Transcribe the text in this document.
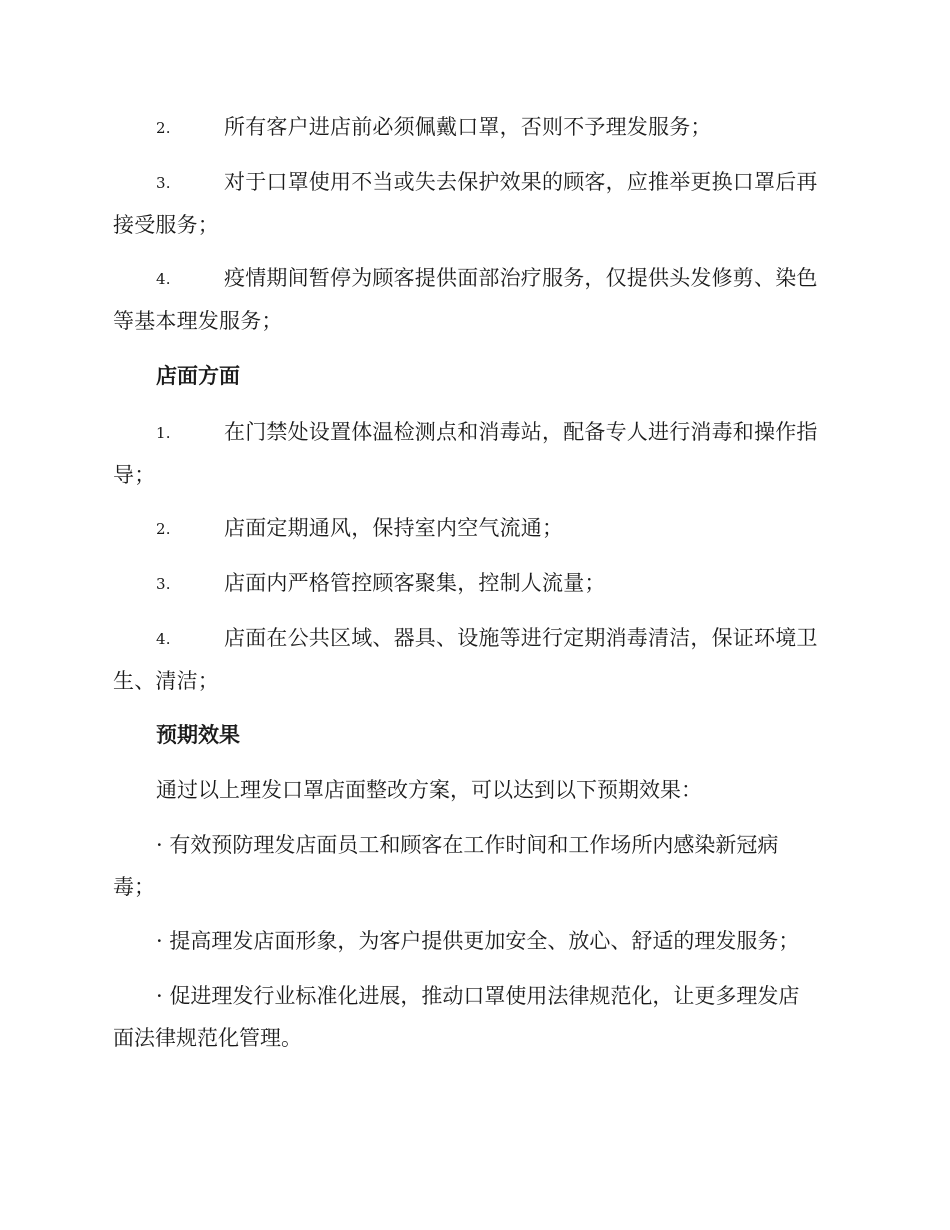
2.	所有客户进店前必须佩戴口罩，否则不予理发服务；
3.	对于口罩使用不当或失去保护效果的顾客，应推举更换口罩后再
接受服务；
4.	疫情期间暂停为顾客提供面部治疗服务，仅提供头发修剪、染色
等基本理发服务；
店面方面
1.	在门禁处设置体温检测点和消毒站，配备专人进行消毒和操作指
导；
2.	店面定期通风，保持室内空气流通；
3.	店面内严格管控顾客聚集，控制人流量；
4.	店面在公共区域、器具、设施等进行定期消毒清洁，保证环境卫
生、清洁；
预期效果
通过以上理发口罩店面整改方案，可以达到以下预期效果：
· 有效预防理发店面员工和顾客在工作时间和工作场所内感染新冠病
毒；
· 提高理发店面形象，为客户提供更加安全、放心、舒适的理发服务；
· 促进理发行业标准化进展，推动口罩使用法律规范化，让更多理发店
面法律规范化管理。
